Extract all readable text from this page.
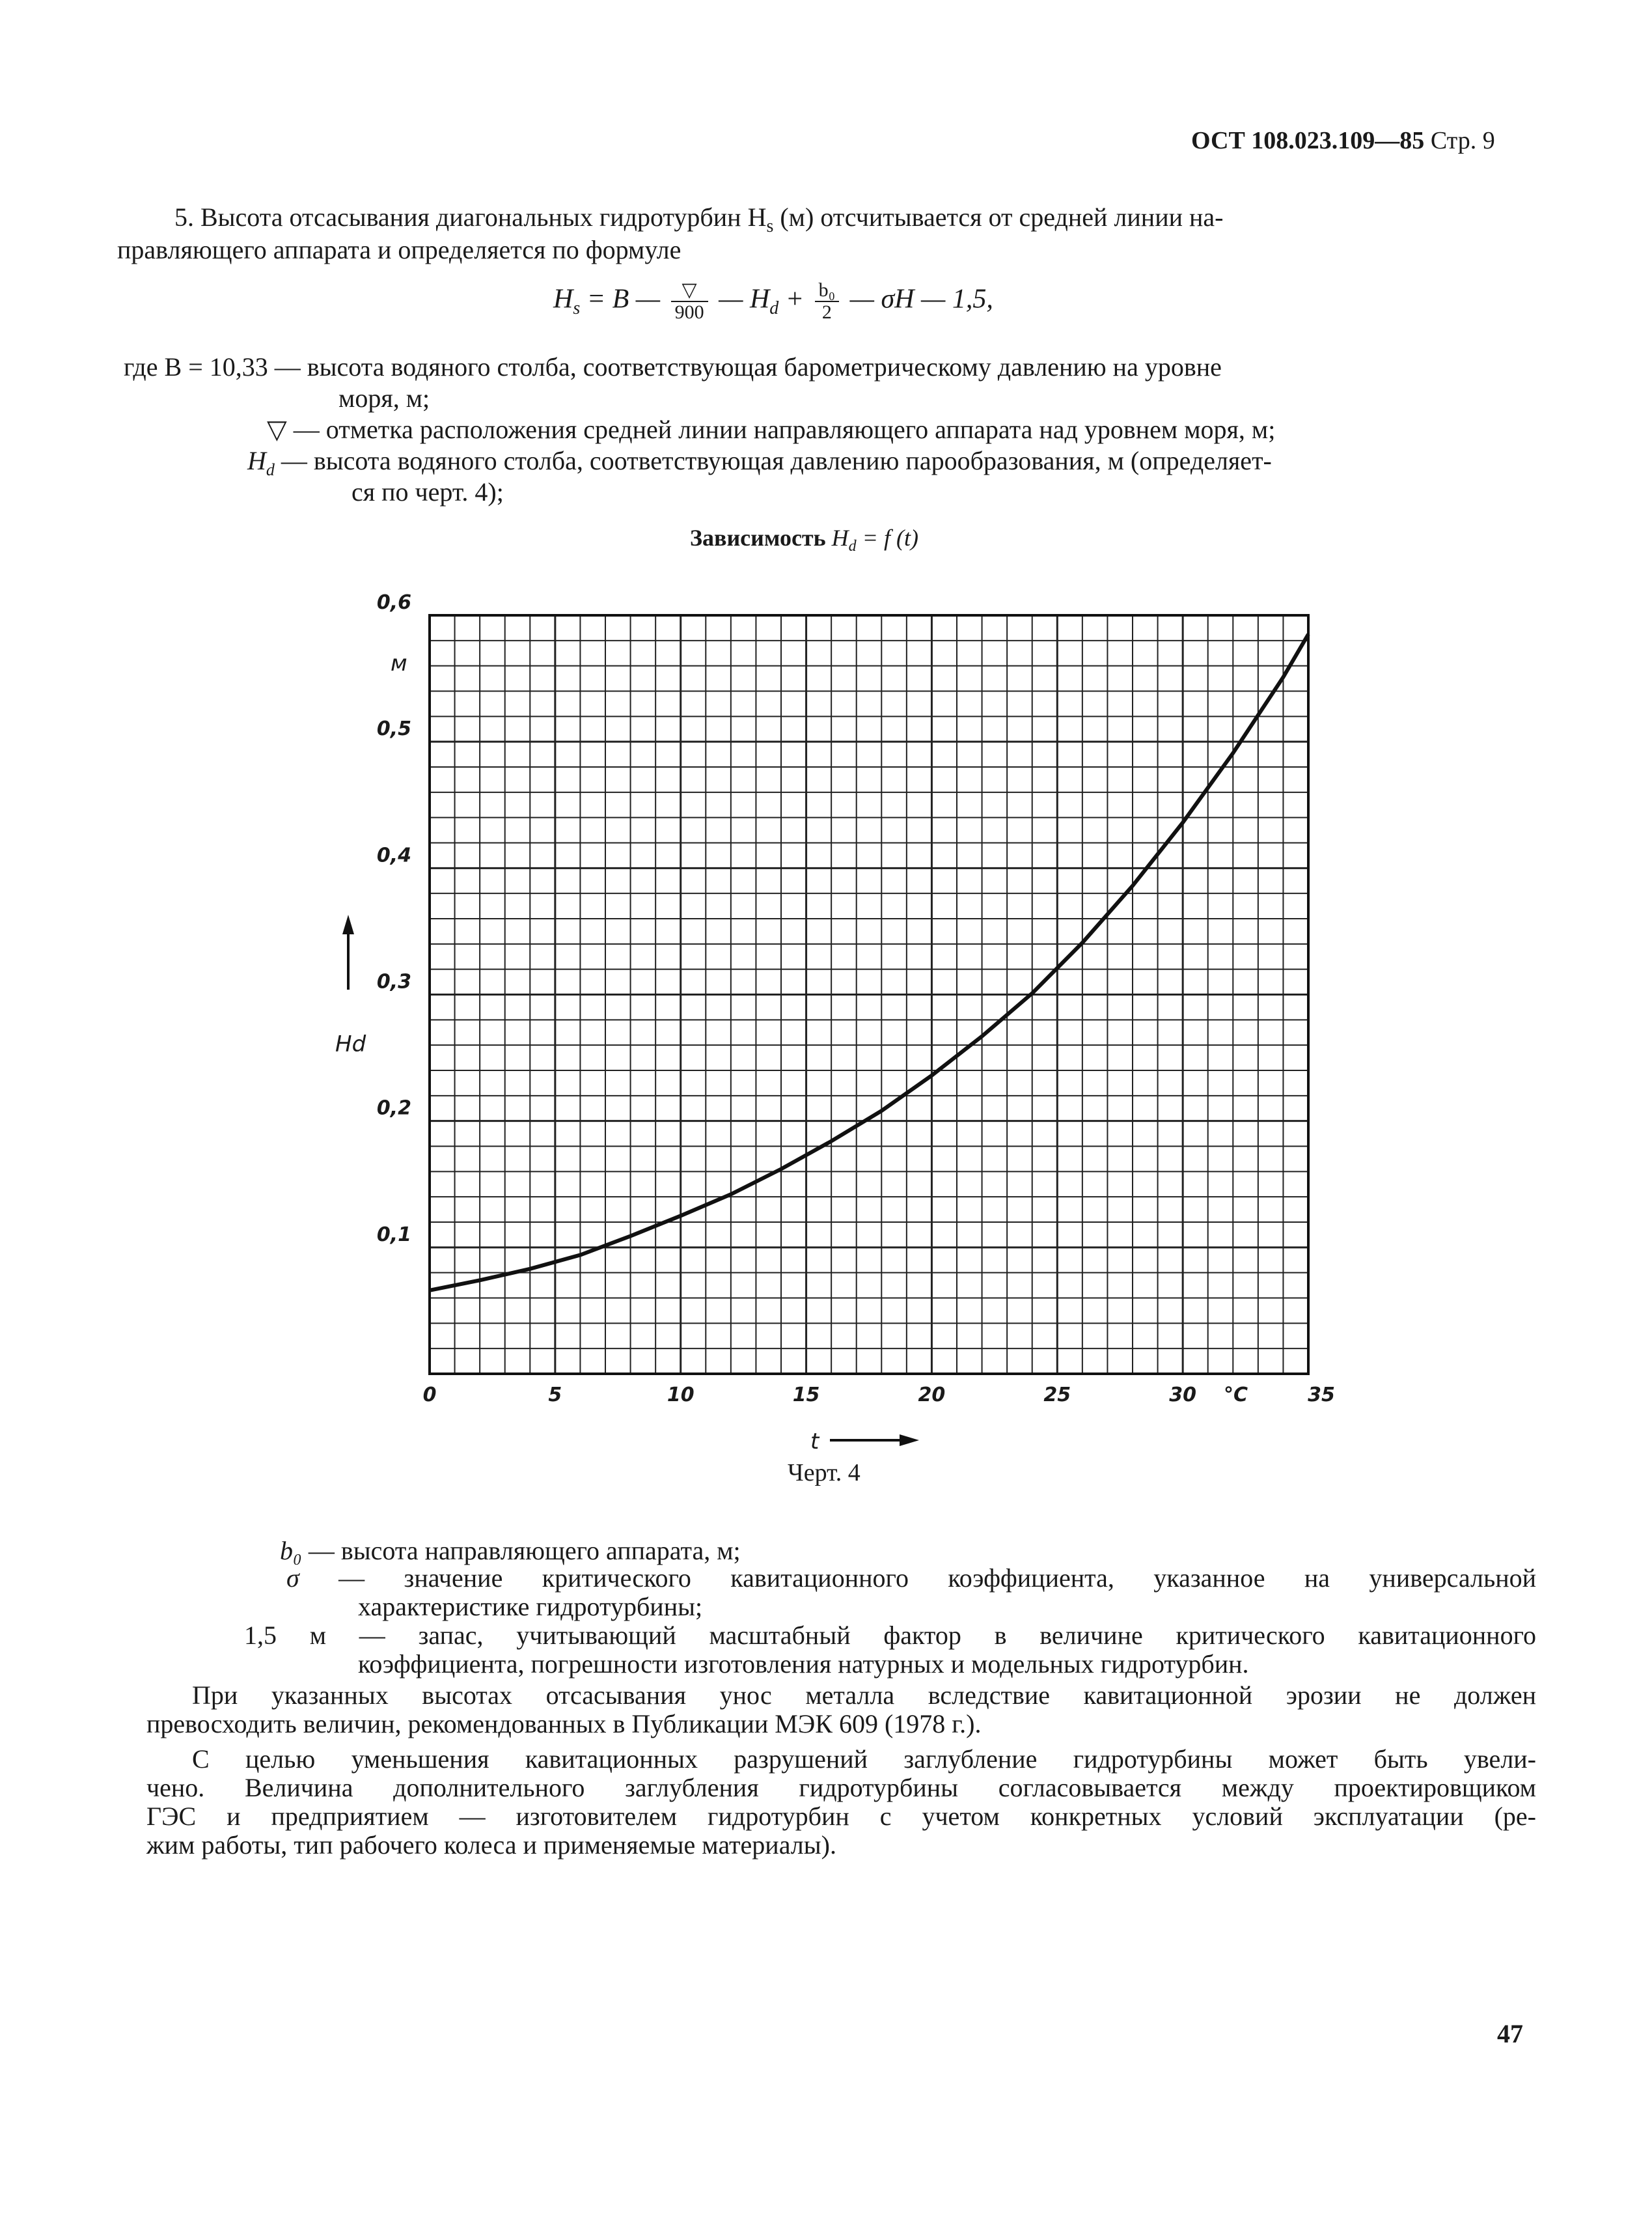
ОСТ 108.023.109—85 Стр. 9
5. Высота отсасывания диагональных гидротурбин $H_s$ (м) отсчитывается от средней линии на-
правляющего аппарата и определяется по формуле
$H_s = B$ — $\frac{▽}{900}$ — $H_d + \frac{\text{b₀}}{2}$ — σH — 1,5,
где B = 10,33 — высота водяного столба, соответствующая барометрическому давлению на уровне
моря, м;
▽ — отметка расположения средней линии направляющего аппарата над уровнем моря, м;
$H_d$ — высота водяного столба, соответствующая давлению парообразования, м (определяет-
ся по черт. 4);
Зависимость $H_d = f$ (t)
0	5	10	15	20	25	30	35
0,1
0,2
0,3
0,4
0,5
0,6
м
°С
Hd
t
Черт. 4
b₀ — высота направляющего аппарата, м;
σ — значение критического кавитационного коэффициента, указанное на универсальной
характеристике гидротурбины;
1,5 м — запас, учитывающий масштабный фактор в величине критического кавитационного
коэффициента, погрешности изготовления натурных и модельных гидротурбин.
При указанных высотах отсасывания унос металла вследствие кавитационной эрозии не должен
превосходить величин, рекомендованных в Публикации МЭК 609 (1978 г.).
С целью уменьшения кавитационных разрушений заглубление гидротурбины может быть увели-
чено. Величина дополнительного заглубления гидротурбины согласовывается между проектировщиком
ГЭС и предприятием — изготовителем гидротурбин с учетом конкретных условий эксплуатации (ре-
жим работы, тип рабочего колеса и применяемые материалы).
47
